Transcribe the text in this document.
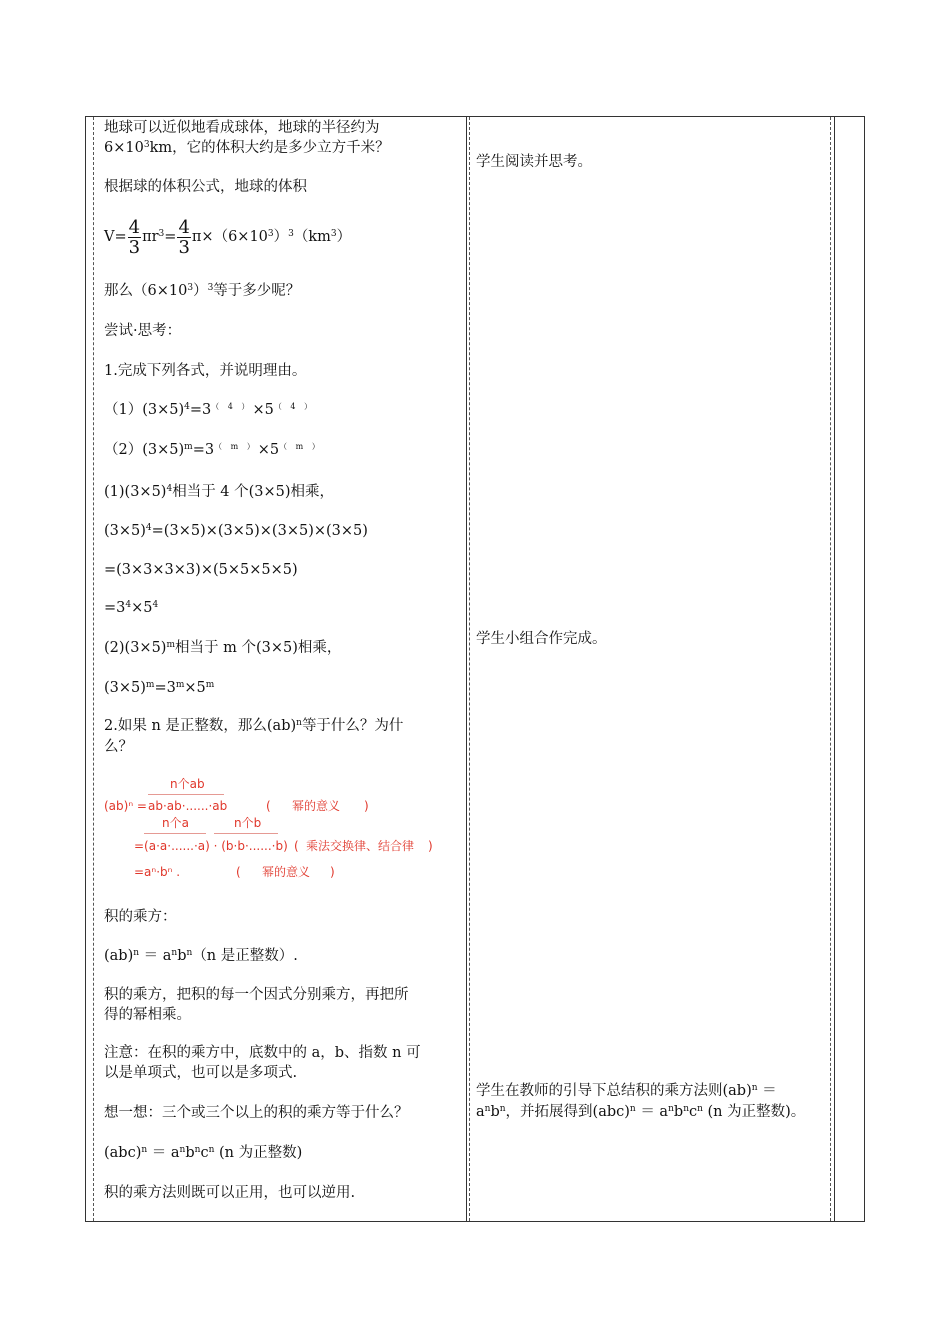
地球可以近似地看成球体，地球的半径约为
$6\times 10^3km$，它的体积大约是多少立方千米？
根据球的体积公式，地球的体积
$V= \frac{4}{3} \pi r^3= \frac{4}{3} \pi\times(6\times 10^3)^3(km^3)$
那么$(6\times 10^3)^3$等于多少呢？
尝试·思考：
1.完成下列各式，并说明理由。
$(1)(3\times 5)^4=3^{( 4 )}\times 5^{( 4 )}$
$(2)(3\times 5)^m=3^{( m )}\times 5^{( m )}$
$(1)(3\times 5)^4$相当于 4 个(3×5)相乘，
$(3\times 5)^4=(3\times 5)\times(3\times 5)\times(3\times 5)\times(3\times 5)$
=(3×3×3×3)×(5×5×5×5)
$=3^4\times 5^4$
$(2)(3\times 5)^m$相当于 m 个(3×5)相乘，
$(3\times 5)^m=3^m\times 5^m$
2.如果 n 是正整数，那么(ab)$^n$等于什么？为什
么？
n个ab
(ab)ⁿ = ab·ab·......·ab	( 幂的意义 )
n个a	n个b
=(a·a·......·a) · (b·b·......·b) ( 乘法交换律、结合律 )
=aⁿ·bⁿ .	( 幂的意义 )
积的乘方：
$(ab)^n = a^nb^n(n$ 是正整数）.
积的乘方，把积的每一个因式分别乘方，再把所
得的幂相乘。
注意：在积的乘方中，底数中的 a，b、指数 n 可
以是单项式，也可以是多项式.
想一想：三个或三个以上的积的乘方等于什么？
$(abc)^n = a^nb^nc^n$ (n 为正整数)
积的乘方法则既可以正用，也可以逆用.
学生阅读并思考。
学生小组合作完成。
学生在教师的引导下总结积的乘方法则(ab)$^n$ ＝
$a^nb^n$，并拓展得到$(abc)^n = a^nb^nc^n$ (n 为正整数)。
